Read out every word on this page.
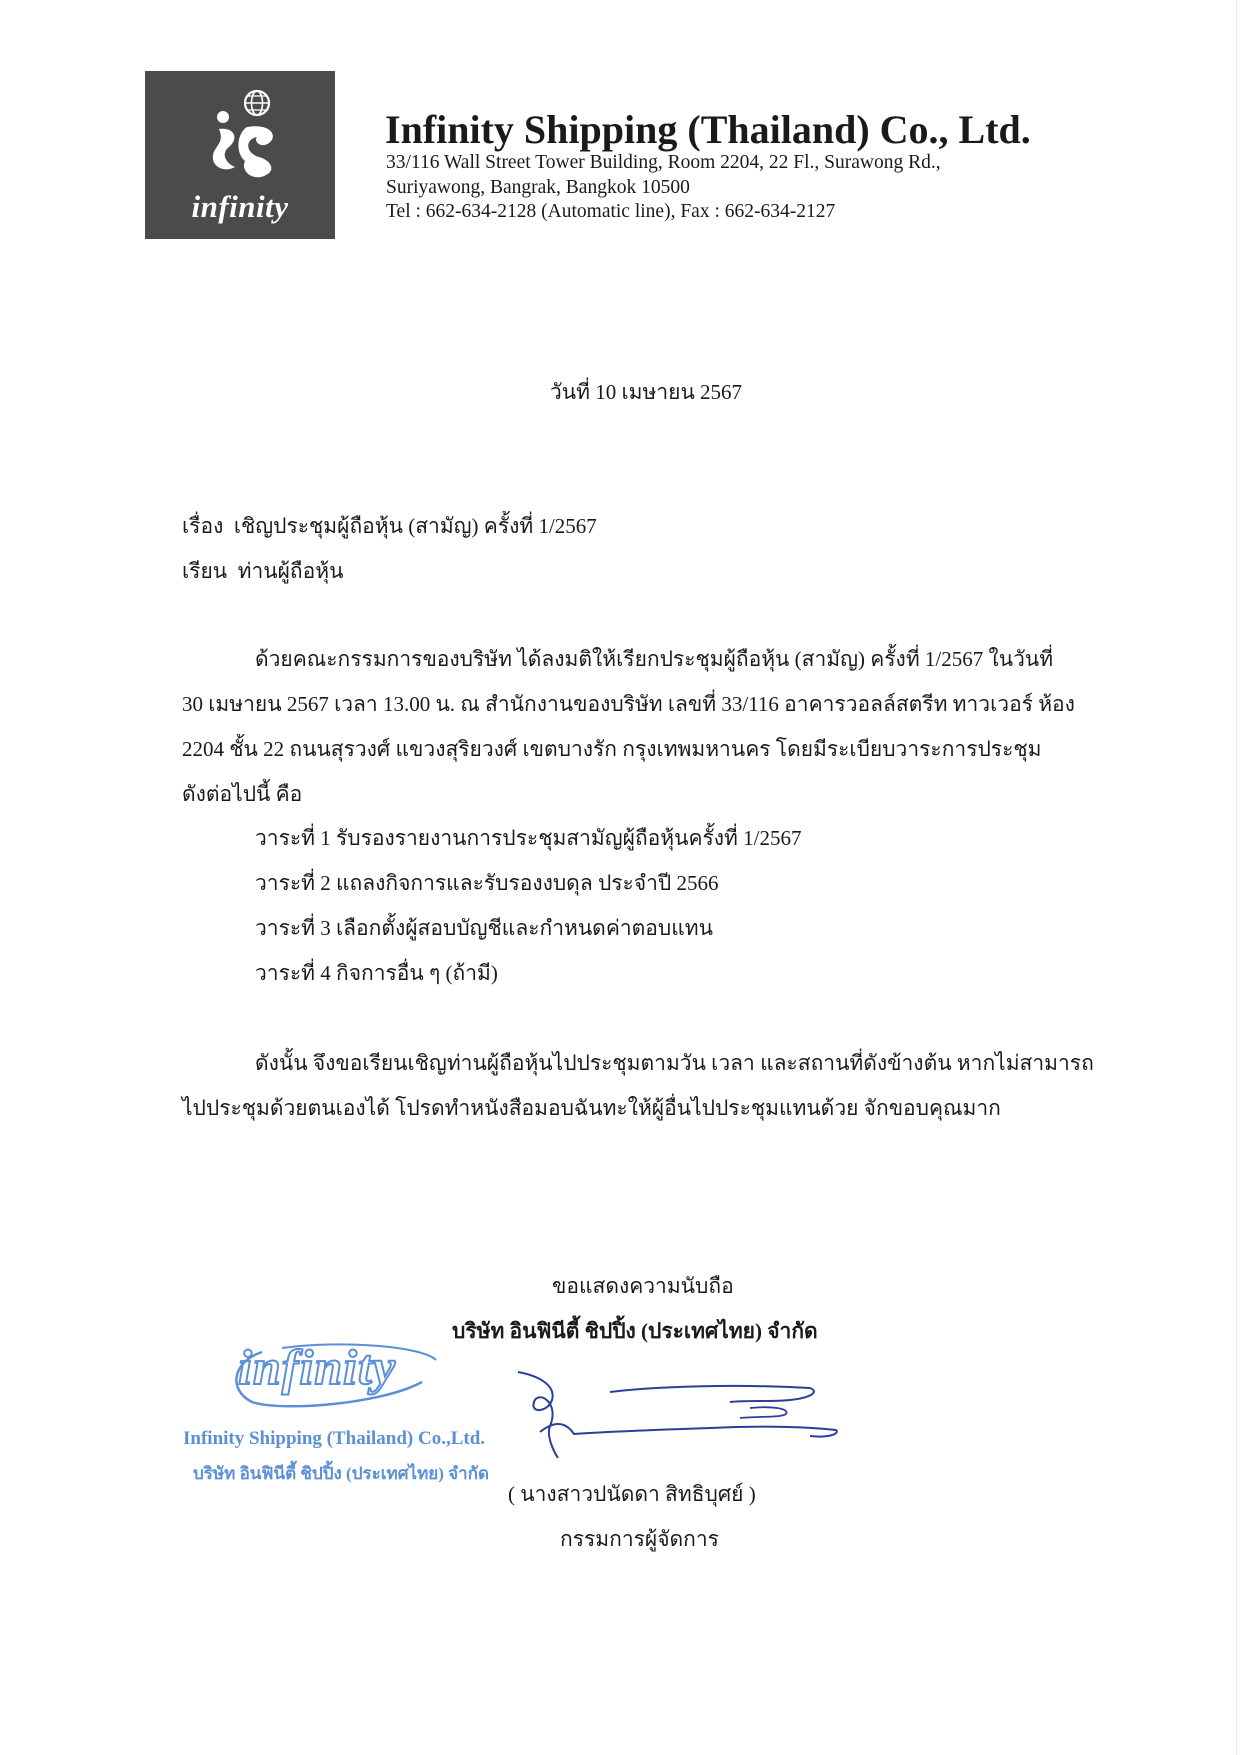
infinity
Infinity Shipping (Thailand) Co., Ltd.
33/116 Wall Street Tower Building, Room 2204, 22 Fl., Surawong Rd.,
Suriyawong, Bangrak, Bangkok 10500
Tel : 662-634-2128 (Automatic line), Fax : 662-634-2127
วันที่ 10 เมษายน 2567
เรื่อง เชิญประชุมผู้ถือหุ้น (สามัญ) ครั้งที่ 1/2567
เรียน ท่านผู้ถือหุ้น
ด้วยคณะกรรมการของบริษัท ได้ลงมติให้เรียกประชุมผู้ถือหุ้น (สามัญ) ครั้งที่ 1/2567 ในวันที่
30 เมษายน 2567 เวลา 13.00 น. ณ สำนักงานของบริษัท เลขที่ 33/116 อาคารวอลล์สตรีท ทาวเวอร์ ห้อง
2204 ชั้น 22 ถนนสุรวงศ์ แขวงสุริยวงศ์ เขตบางรัก กรุงเทพมหานคร โดยมีระเบียบวาระการประชุม
ดังต่อไปนี้ คือ
วาระที่ 1 รับรองรายงานการประชุมสามัญผู้ถือหุ้นครั้งที่ 1/2567
วาระที่ 2 แถลงกิจการและรับรองงบดุล ประจำปี 2566
วาระที่ 3 เลือกตั้งผู้สอบบัญชีและกำหนดค่าตอบแทน
วาระที่ 4 กิจการอื่น ๆ (ถ้ามี)
ดังนั้น จึงขอเรียนเชิญท่านผู้ถือหุ้นไปประชุมตามวัน เวลา และสถานที่ดังข้างต้น หากไม่สามารถ
ไปประชุมด้วยตนเองได้ โปรดทำหนังสือมอบฉันทะให้ผู้อื่นไปประชุมแทนด้วย จักขอบคุณมาก
ขอแสดงความนับถือ
บริษัท อินฟินีตี้ ชิปปิ้ง (ประเทศไทย) จำกัด
infinity
Infinity Shipping (Thailand) Co.,Ltd.
บริษัท อินฟินีตี้ ชิปปิ้ง (ประเทศไทย) จำกัด
( นางสาวปนัดดา สิทธิบุศย์ )
กรรมการผู้จัดการ
